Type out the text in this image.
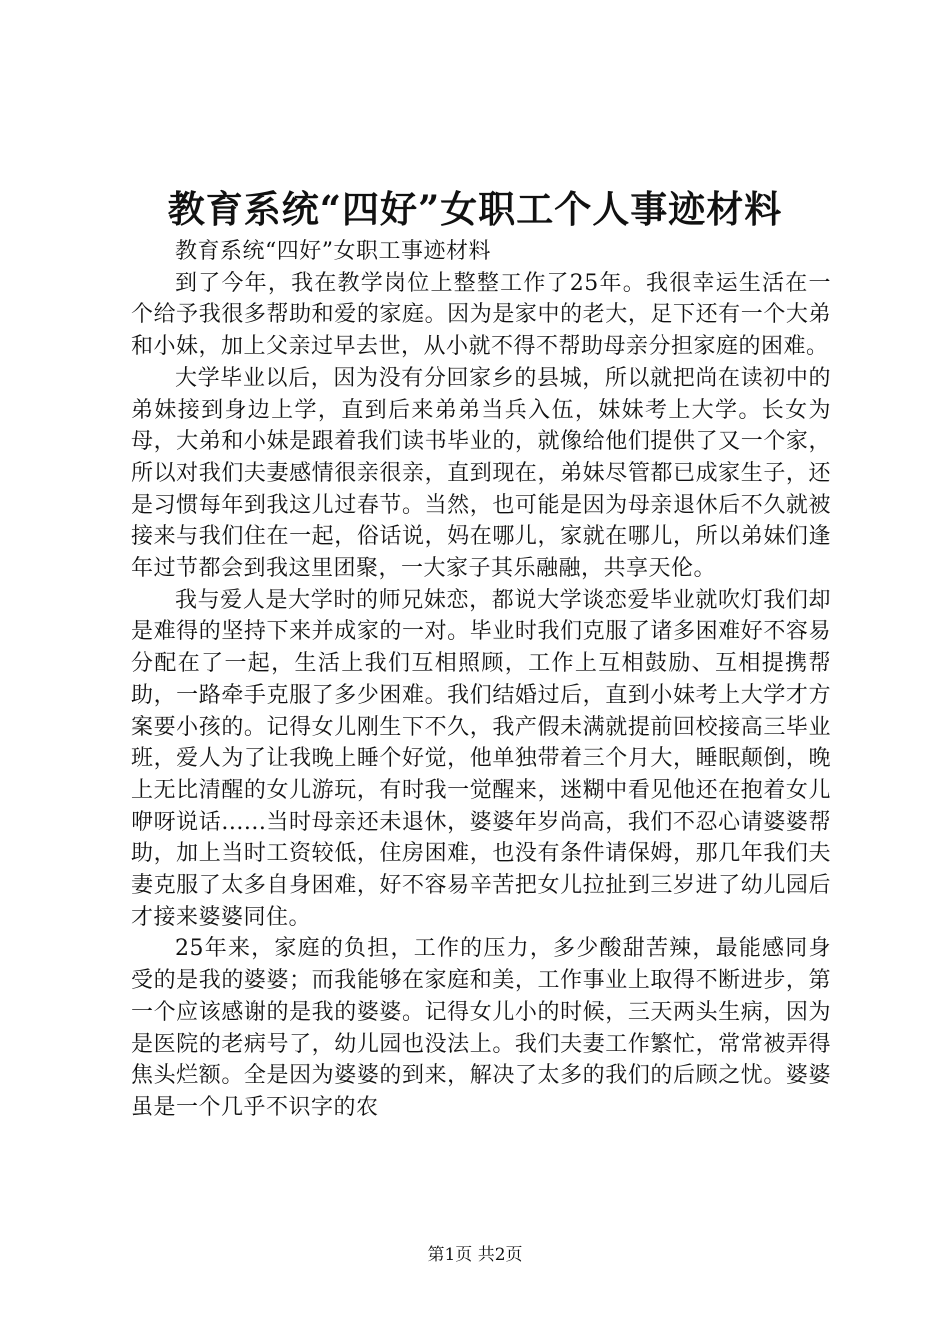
教育系统“四好”女职工个人事迹材料

教育系统“四好”女职工事迹材料

到了今年，我在教学岗位上整整工作了25年。我很幸运生活在一个给予我很多帮助和爱的家庭。因为是家中的老大，足下还有一个大弟和小妹，加上父亲过早去世，从小就不得不帮助母亲分担家庭的困难。

大学毕业以后，因为没有分回家乡的县城，所以就把尚在读初中的弟妹接到身边上学，直到后来弟弟当兵入伍，妹妹考上大学。长女为母，大弟和小妹是跟着我们读书毕业的，就像给他们提供了又一个家，所以对我们夫妻感情很亲很亲，直到现在，弟妹尽管都已成家生子，还是习惯每年到我这儿过春节。当然，也可能是因为母亲退休后不久就被接来与我们住在一起，俗话说，妈在哪儿，家就在哪儿，所以弟妹们逢年过节都会到我这里团聚，一大家子其乐融融，共享天伦。

我与爱人是大学时的师兄妹恋，都说大学谈恋爱毕业就吹灯我们却是难得的坚持下来并成家的一对。毕业时我们克服了诸多困难好不容易分配在了一起，生活上我们互相照顾，工作上互相鼓励、互相提携帮助，一路牵手克服了多少困难。我们结婚过后，直到小妹考上大学才方案要小孩的。记得女儿刚生下不久，我产假未满就提前回校接高三毕业班，爱人为了让我晚上睡个好觉，他单独带着三个月大，睡眠颠倒，晚上无比清醒的女儿游玩，有时我一觉醒来，迷糊中看见他还在抱着女儿咿呀说话......当时母亲还未退休，婆婆年岁尚高，我们不忍心请婆婆帮助，加上当时工资较低，住房困难，也没有条件请保姆，那几年我们夫妻克服了太多自身困难，好不容易辛苦把女儿拉扯到三岁进了幼儿园后才接来婆婆同住。

25年来，家庭的负担，工作的压力，多少酸甜苦辣，最能感同身受的是我的婆婆；而我能够在家庭和美，工作事业上取得不断进步，第一个应该感谢的是我的婆婆。记得女儿小的时候，三天两头生病，因为是医院的老病号了，幼儿园也没法上。我们夫妻工作繁忙，常常被弄得焦头烂额。全是因为婆婆的到来，解决了太多的我们的后顾之忧。婆婆虽是一个几乎不识字的农

第1页 共2页
